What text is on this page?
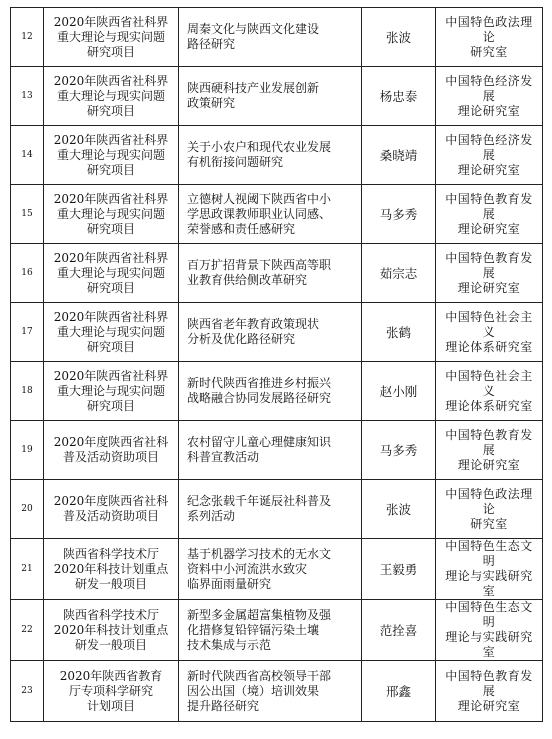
12	2020年陕西省社科界
重大理论与现实问题
研究项目	周秦文化与陕西文化建设
路径研究	张波	中国特色政法理论
研究室
13	2020年陕西省社科界
重大理论与现实问题
研究项目	陕西硬科技产业发展创新
政策研究	杨忠泰	中国特色经济发展
理论研究室
14	2020年陕西省社科界
重大理论与现实问题
研究项目	关于小农户和现代农业发展
有机衔接问题研究	桑晓靖	中国特色经济发展
理论研究室
15	2020年陕西省社科界
重大理论与现实问题
研究项目	立德树人视阈下陕西省中小
学思政课教师职业认同感、
荣誉感和责任感研究	马多秀	中国特色教育发展
理论研究室
16	2020年陕西省社科界
重大理论与现实问题
研究项目	百万扩招背景下陕西高等职
业教育供给侧改革研究	茹宗志	中国特色教育发展
理论研究室
17	2020年陕西省社科界
重大理论与现实问题
研究项目	陕西省老年教育政策现状
分析及优化路径研究	张鹤	中国特色社会主义
理论体系研究室
18	2020年陕西省社科界
重大理论与现实问题
研究项目	新时代陕西省推进乡村振兴
战略融合协同发展路径研究	赵小刚	中国特色社会主义
理论体系研究室
19	2020年度陕西省社科
普及活动资助项目	农村留守儿童心理健康知识
科普宣教活动	马多秀	中国特色教育发展
理论研究室
20	2020年度陕西省社科
普及活动资助项目	纪念张载千年诞辰社科普及
系列活动	张波	中国特色政法理论
研究室
21	陕西省科学技术厅
2020年科技计划重点
研发一般项目	基于机器学习技术的无水文
资料中小河流洪水致灾
临界面雨量研究	王毅勇	中国特色生态文明
理论与实践研究室
22	陕西省科学技术厅
2020年科技计划重点
研发一般项目	新型多金属超富集植物及强
化措修复铅锌镉污染土壤
技术集成与示范	范拴喜	中国特色生态文明
理论与实践研究室
23	2020年陕西省教育
厅专项科学研究
计划项目	新时代陕西省高校领导干部
因公出国（境）培训效果
提升路径研究	邢鑫	中国特色教育发展
理论研究室
